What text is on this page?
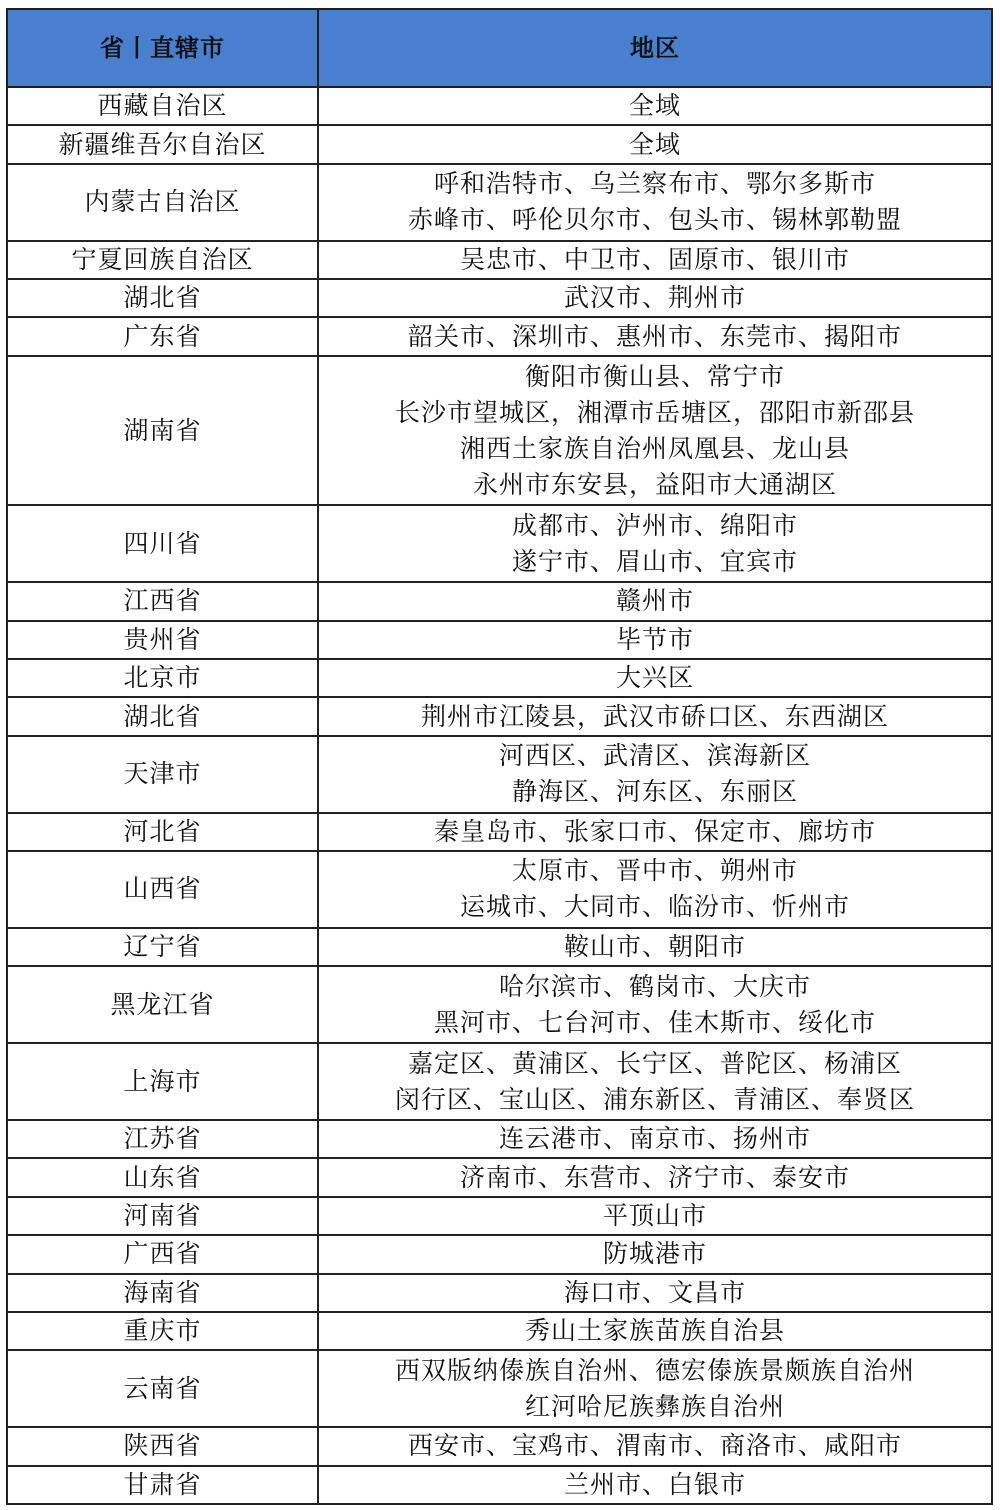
省丨直辖市	地区
西藏自治区	全域

新疆维吾尔自治区	全域

内蒙古自治区	呼和浩特市、乌兰察布市、鄂尔多斯市
赤峰市、呼伦贝尔市、包头市、锡林郭勒盟

宁夏回族自治区	吴忠市、中卫市、固原市、银川市

湖北省	武汉市、荆州市

广东省	韶关市、深圳市、惠州市、东莞市、揭阳市

湖南省	衡阳市衡山县、常宁市
长沙市望城区，湘潭市岳塘区，邵阳市新邵县
湘西土家族自治州凤凰县、龙山县
永州市东安县，益阳市大通湖区

四川省	成都市、泸州市、绵阳市
遂宁市、眉山市、宜宾市

江西省	赣州市

贵州省	毕节市

北京市	大兴区

湖北省	荆州市江陵县，武汉市硚口区、东西湖区

天津市	河西区、武清区、滨海新区
静海区、河东区、东丽区

河北省	秦皇岛市、张家口市、保定市、廊坊市

山西省	太原市、晋中市、朔州市
运城市、大同市、临汾市、忻州市

辽宁省	鞍山市、朝阳市

黑龙江省	哈尔滨市、鹤岗市、大庆市
黑河市、七台河市、佳木斯市、绥化市

上海市	嘉定区、黄浦区、长宁区、普陀区、杨浦区
闵行区、宝山区、浦东新区、青浦区、奉贤区

江苏省	连云港市、南京市、扬州市

山东省	济南市、东营市、济宁市、泰安市

河南省	平顶山市

广西省	防城港市

海南省	海口市、文昌市

重庆市	秀山土家族苗族自治县

云南省	西双版纳傣族自治州、德宏傣族景颇族自治州
红河哈尼族彝族自治州

陕西省	西安市、宝鸡市、渭南市、商洛市、咸阳市

甘肃省	兰州市、白银市
